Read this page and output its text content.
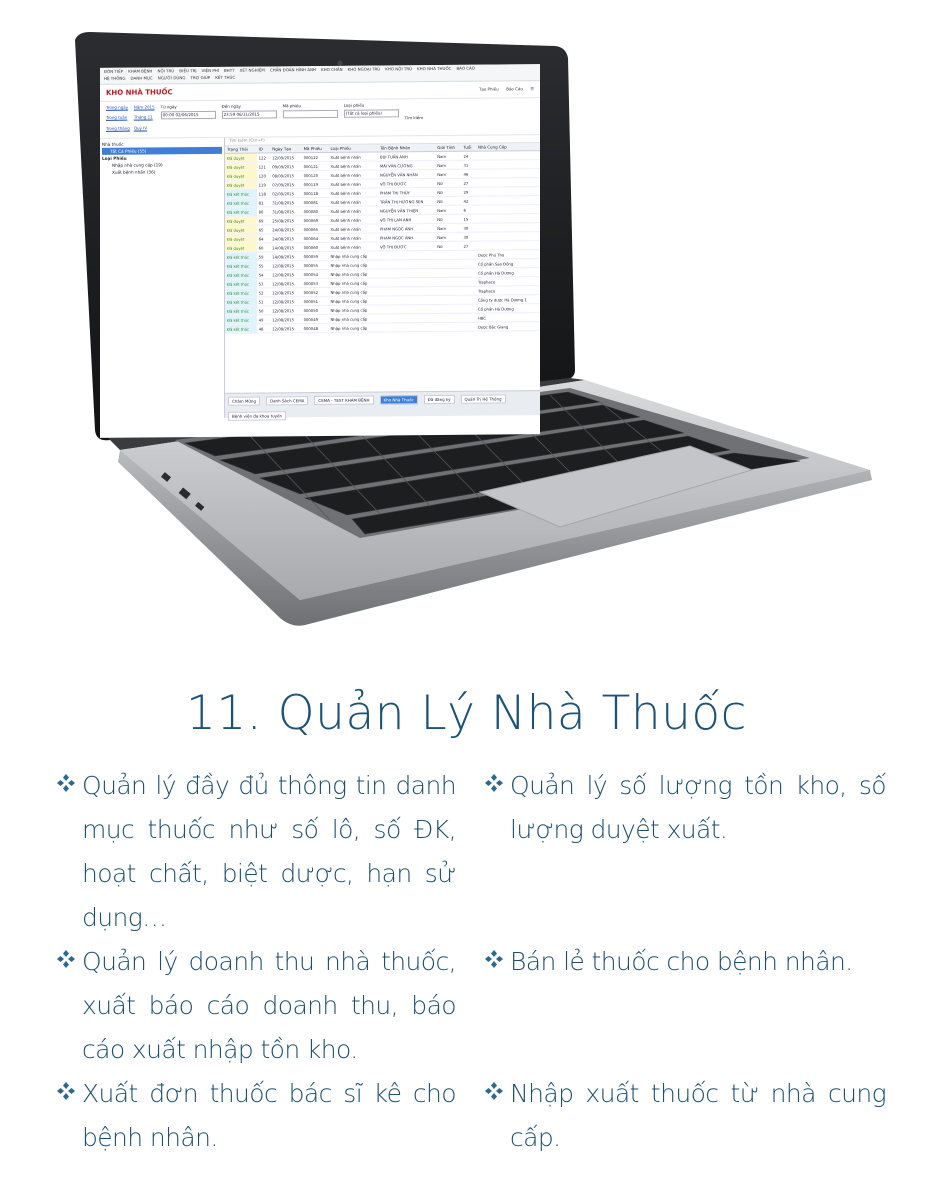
ĐÓN TIẾP KHÁM BỆNH NỘI TRÚ ĐIỀU TRỊ VIỆN PHÍ BHYT XÉT NGHIỆM CHẨN ĐOÁN HÌNH ẢNH KHO CHẴN KHO NGOẠI TRÚ KHO NỘI TRÚ KHO NHÀ THUỐC BÁO CÁO
HỆ THỐNG DANH MỤC NGƯỜI DÙNG TRỢ GIÚP KẾT THÚC
KHO NHÀ THUỐC	Tạo Phiếu Báo Cáo ☰
Trong ngày	Năm 2015
Trong tuần	Tháng 11
Trong tháng Quý IV
Từ ngày
00:00 02/06/2015
Đến ngày
23:59 06/11/2015
Mã phiếu	Loại phiếu
(Tất cả loại phiếu)
Tìm kiếm
Nhà thuốc
Tất Cả Phiếu (55)
Loại Phiếu
Nhập nhà cung cấp (19)
Xuất bệnh nhân (36)
Tìm kiếm (Ctrl+F)
Trạng Thái	ID	Ngày Tạo	Mã Phiếu	Loại Phiếu	Tên Bệnh Nhân	Giới Tính	Tuổi	Nhà Cung Cấp
Đã duyệt	122	12/09/2015	000122	Xuất bệnh nhân	BÙI TUẤN ANH	Nam	24	
Đã duyệt	121	09/09/2015	000121	Xuất bệnh nhân	MÃI VĂN CƯỜNG	Nam	31	
Đã duyệt	120	08/09/2015	000120	Xuất bệnh nhân	NGUYỄN VĂN NHÂN	Nam	46	
Đã duyệt	119	07/09/2015	000119	Xuất bệnh nhân	VÕ THỊ ĐƯỢC	Nữ	27	
Đã kết thúc	118	02/09/2015	000118	Xuất bệnh nhân	PHẠM THỊ THÚY	Nữ	29	
Đã kết thúc	81	31/08/2015	000081	Xuất bệnh nhân	TRẦN THỊ HƯƠNG SEN	Nữ	42	
Đã kết thúc	80	31/08/2015	000080	Xuất bệnh nhân	NGUYỄN VĂN THIỆN	Nam	6	
Đã duyệt	69	25/08/2015	000069	Xuất bệnh nhân	VÕ THỊ LAN ANH	Nữ	15	
Đã duyệt	65	24/08/2015	000065	Xuất bệnh nhân	PHẠM NGỌC ÁNH	Nam	30	
Đã duyệt	64	24/08/2015	000064	Xuất bệnh nhân	PHẠM NGỌC ÁNH	Nam	30	
Đã duyệt	60	14/08/2015	000060	Xuất bệnh nhân	VÕ THỊ ĐƯỢC	Nữ	27	
Đã kết thúc	59	14/08/2015	000059	Nhập nhà cung cấp				Dược Phú Thọ
Đã kết thúc	55	12/08/2015	000055	Nhập nhà cung cấp				Cổ phần Sao Đồng
Đã kết thúc	54	12/08/2015	000054	Nhập nhà cung cấp				Cổ phần Hà Dương
Đã kết thúc	53	12/08/2015	000053	Nhập nhà cung cấp				Traphaco
Đã kết thúc	52	12/08/2015	000052	Nhập nhà cung cấp				Traphaco
Đã kết thúc	51	12/08/2015	000051	Nhập nhà cung cấp				Công ty dược Hà Dương 1
Đã kết thúc	50	12/08/2015	000050	Nhập nhà cung cấp				Cổ phần Hà Dương
Đã kết thúc	49	12/08/2015	000049	Nhập nhà cung cấp				HBC
Đã kết thúc	48	12/08/2015	000048	Nhập nhà cung cấp				Dược Bắc Giang
Chăm Mừng	Danh Sách CEMA	CEMA - TEST KHÁM BỆNH	Kho Nhà Thuốc	Đã đăng ký	Quản Trị Hệ ThốngBệnh viện đa khoa tuyến
11. Quản Lý Nhà Thuốc
Quản lý đầy đủ thông tin danh mục thuốc như số lô, số ĐK, hoạt chất, biệt dược, hạn sử dụng…
Quản lý số lượng tồn kho, số lượng duyệt xuất.
Quản lý doanh thu nhà thuốc, xuất báo cáo doanh thu, báo cáo xuất nhập tồn kho.
Bán lẻ thuốc cho bệnh nhân.
Xuất đơn thuốc bác sĩ kê cho bệnh nhân.
Nhập xuất thuốc từ nhà cung cấp.
